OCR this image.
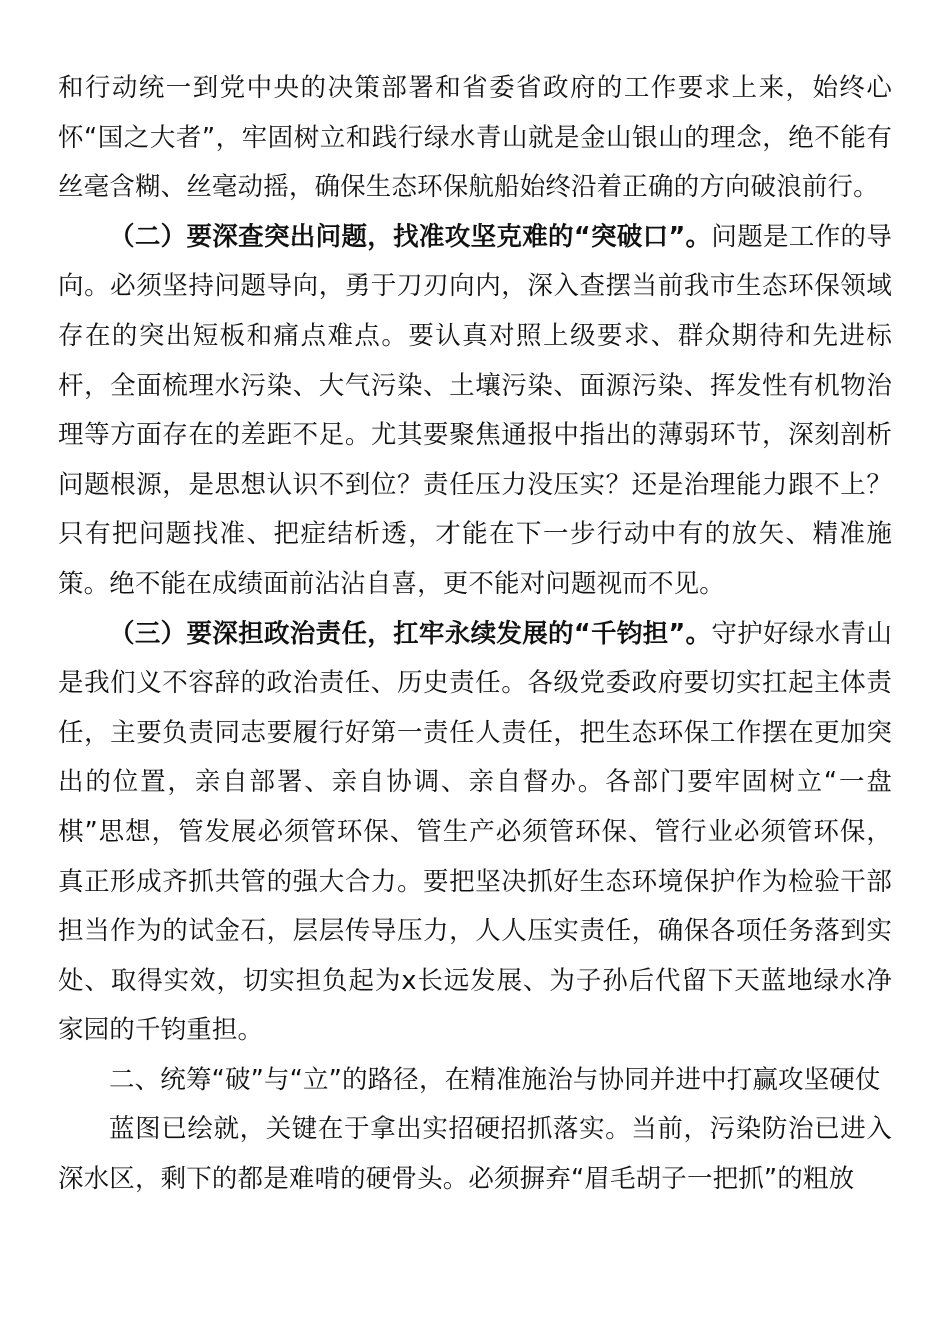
和行动统一到党中央的决策部署和省委省政府的工作要求上来，始终心怀“国之大者”，牢固树立和践行绿水青山就是金山银山的理念，绝不能有丝毫含糊、丝毫动摇，确保生态环保航船始终沿着正确的方向破浪前行。

（二）要深查突出问题，找准攻坚克难的“突破口”。问题是工作的导向。必须坚持问题导向，勇于刀刃向内，深入查摆当前我市生态环保领域存在的突出短板和痛点难点。要认真对照上级要求、群众期待和先进标杆，全面梳理水污染、大气污染、土壤污染、面源污染、挥发性有机物治理等方面存在的差距不足。尤其要聚焦通报中指出的薄弱环节，深刻剖析问题根源，是思想认识不到位？责任压力没压实？还是治理能力跟不上？只有把问题找准、把症结析透，才能在下一步行动中有的放矢、精准施策。绝不能在成绩面前沾沾自喜，更不能对问题视而不见。

（三）要深担政治责任，扛牢永续发展的“千钧担”。守护好绿水青山是我们义不容辞的政治责任、历史责任。各级党委政府要切实扛起主体责任，主要负责同志要履行好第一责任人责任，把生态环保工作摆在更加突出的位置，亲自部署、亲自协调、亲自督办。各部门要牢固树立“一盘棋”思想，管发展必须管环保、管生产必须管环保、管行业必须管环保，真正形成齐抓共管的强大合力。要把坚决抓好生态环境保护作为检验干部担当作为的试金石，层层传导压力，人人压实责任，确保各项任务落到实处、取得实效，切实担负起为x长远发展、为子孙后代留下天蓝地绿水净家园的千钧重担。

二、统筹“破”与“立”的路径，在精准施治与协同并进中打赢攻坚硬仗

蓝图已绘就，关键在于拿出实招硬招抓落实。当前，污染防治已进入深水区，剩下的都是难啃的硬骨头。必须摒弃“眉毛胡子一把抓”的粗放
